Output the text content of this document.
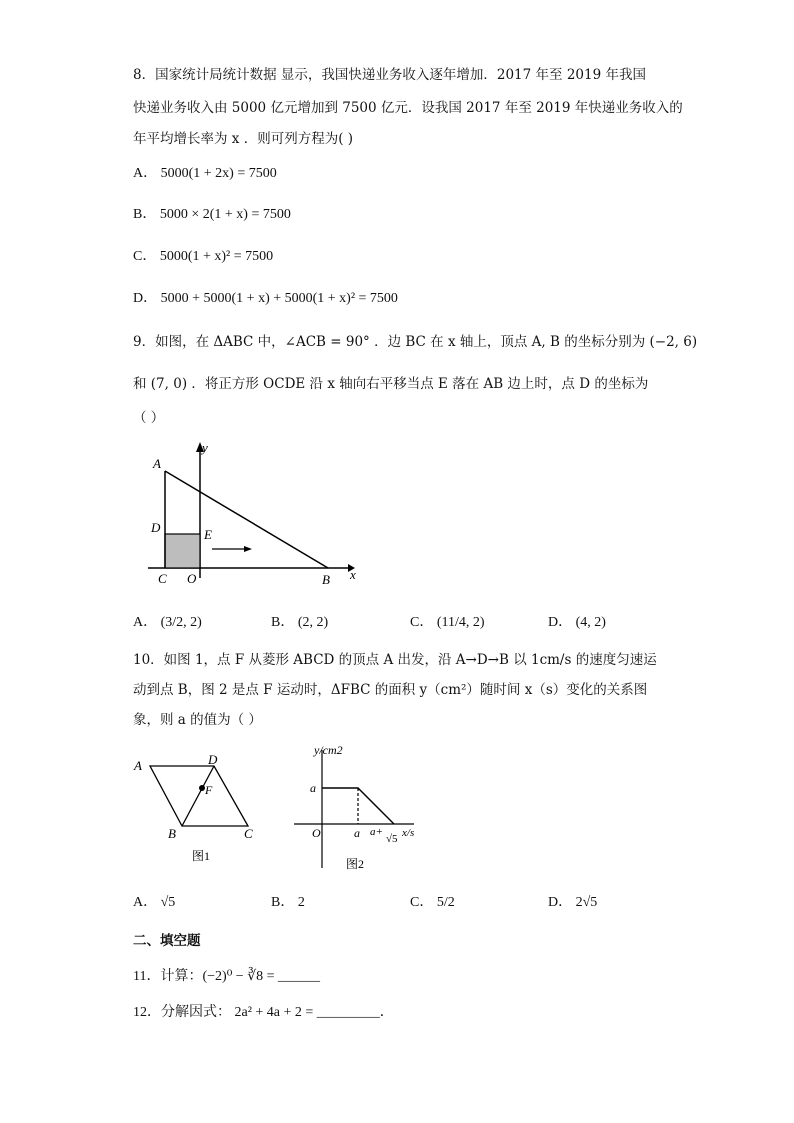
8．国家统计局统计数据 显示，我国快递业务收入逐年增加．2017 年至 2019 年我国
快递业务收入由 5000 亿元增加到 7500 亿元．设我国 2017 年至 2019 年快递业务收入的
年平均增长率为 x ．则可列方程为( )
A． 5000(1 + 2x) = 7500
B． 5000 × 2(1 + x) = 7500
C． 5000(1 + x)² = 7500
D． 5000 + 5000(1 + x) + 5000(1 + x)² = 7500
9．如图，在 ΔABC 中，∠ACB = 90° ．边 BC 在 x 轴上，顶点 A, B 的坐标分别为 (−2, 6)
和 (7, 0) ．将正方形 OCDE 沿 x 轴向右平移当点 E 落在 AB 边上时，点 D 的坐标为
（ ）
A
D	E
C O	B x
y
A． (3/2, 2)	B． (2, 2)	C． (11/4, 2)	D． (4, 2)
10．如图 1，点 F 从菱形 ABCD 的顶点 A 出发，沿 A→D→B 以 1cm/s 的速度匀速运
动到点 B，图 2 是点 F 运动时，ΔFBC 的面积 y（cm²）随时间 x（s）变化的关系图
象，则 a 的值为（ ）
A	D
F
B	C
图1
y/cm2
a
O	a a+
√5 x/s
图2
A． √5	B． 2	C． 5/2	D． 2√5
二、填空题
11．计算：(−2)⁰ − ∛8 = ______
12．分解因式： 2a² + 4a + 2 = _________．
